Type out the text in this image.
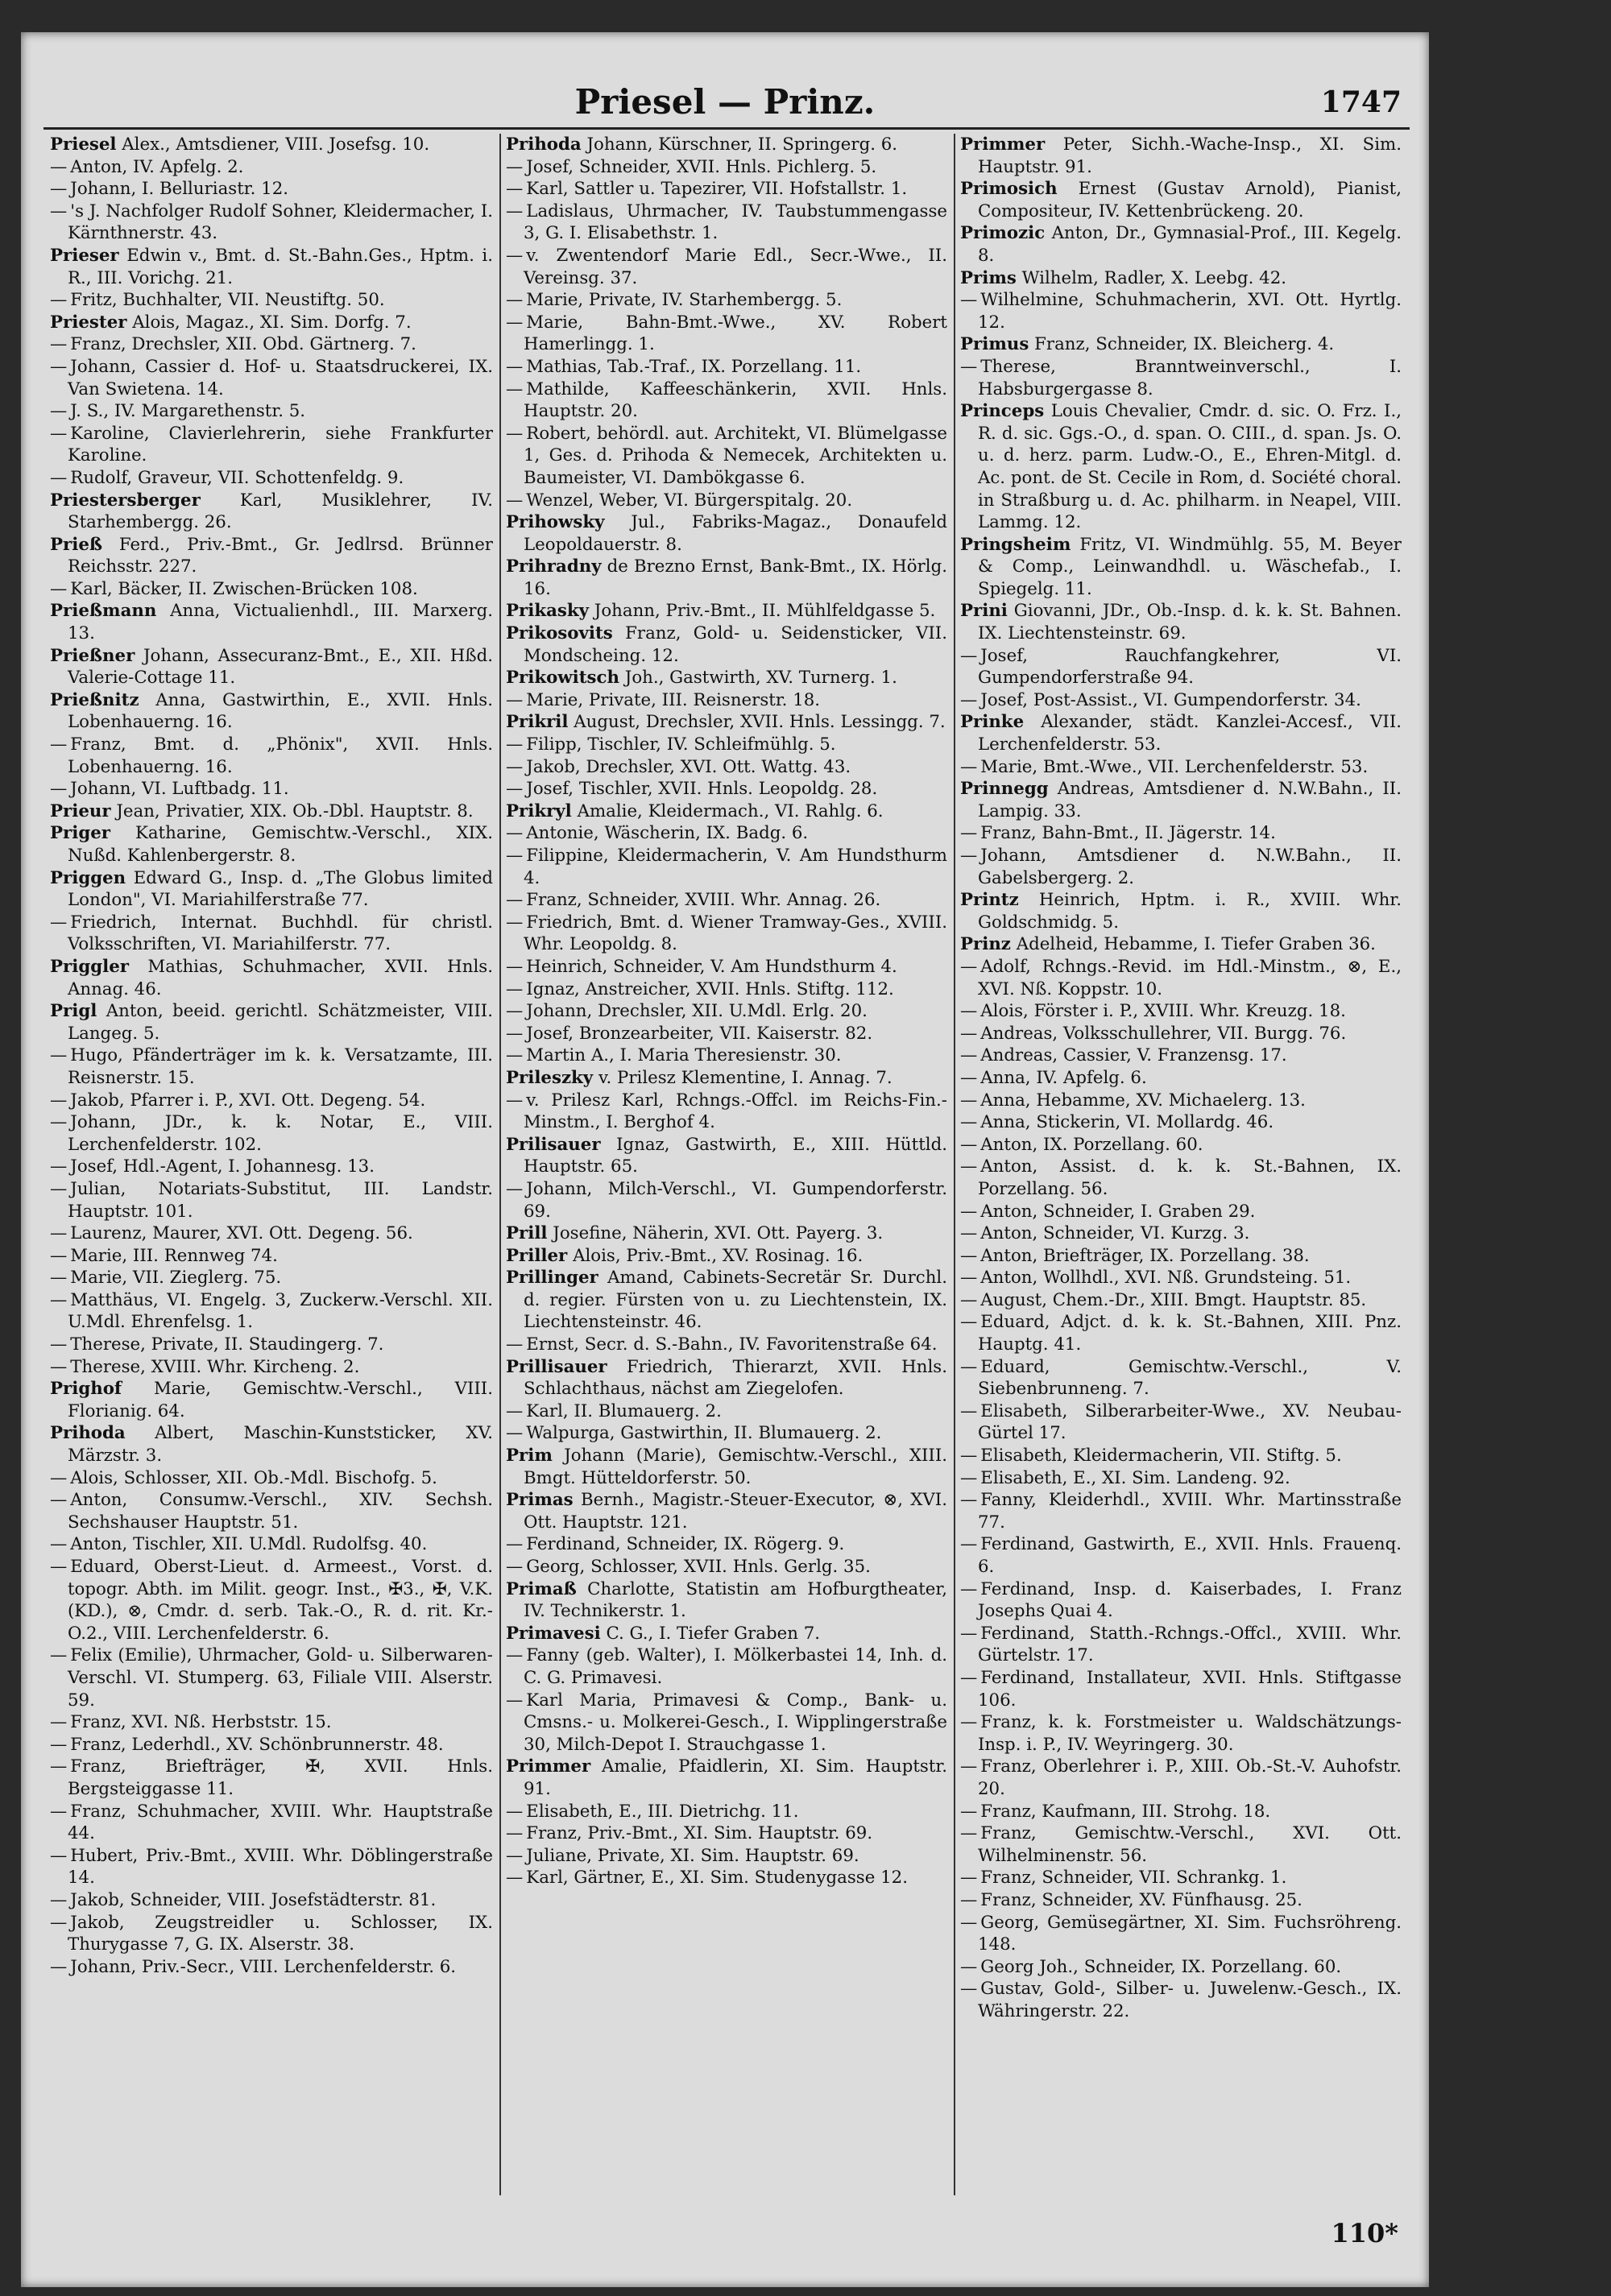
Priesel — Prinz.	1747

Priesel Alex., Amtsdiener, VIII. Josefsg. 10.

— Anton, IV. Apfelg. 2.

— Johann, I. Belluriastr. 12.

— 's J. Nachfolger Rudolf Sohner, Kleidermacher, I. Kärnthnerstr. 43.

Prieser Edwin v., Bmt. d. St.-Bahn.Ges., Hptm. i. R., III. Vorichg. 21.

— Fritz, Buchhalter, VII. Neustiftg. 50.

Priester Alois, Magaz., XI. Sim. Dorfg. 7.

— Franz, Drechsler, XII. Obd. Gärtnerg. 7.

— Johann, Cassier d. Hof- u. Staatsdruckerei, IX. Van Swietena. 14.

— J. S., IV. Margarethenstr. 5.

— Karoline, Clavierlehrerin, siehe Frankfurter Karoline.

— Rudolf, Graveur, VII. Schottenfeldg. 9.

Priestersberger Karl, Musiklehrer, IV. Starhembergg. 26.

Prieß Ferd., Priv.-Bmt., Gr. Jedlrsd. Brünner Reichsstr. 227.

— Karl, Bäcker, II. Zwischen-Brücken 108.

Prießmann Anna, Victualienhdl., III. Marxerg. 13.

Prießner Johann, Assecuranz-Bmt., E., XII. Hßd. Valerie-Cottage 11.

Prießnitz Anna, Gastwirthin, E., XVII. Hnls. Lobenhauerng. 16.

— Franz, Bmt. d. „Phönix", XVII. Hnls. Lobenhauerng. 16.

— Johann, VI. Luftbadg. 11.

Prieur Jean, Privatier, XIX. Ob.-Dbl. Hauptstr. 8.

Priger Katharine, Gemischtw.-Verschl., XIX. Nußd. Kahlenbergerstr. 8.

Priggen Edward G., Insp. d. „The Globus limited London", VI. Mariahilferstraße 77.

— Friedrich, Internat. Buchhdl. für christl. Volksschriften, VI. Mariahilferstr. 77.

Priggler Mathias, Schuhmacher, XVII. Hnls. Annag. 46.

Prigl Anton, beeid. gerichtl. Schätzmeister, VIII. Langeg. 5.

— Hugo, Pfänderträger im k. k. Versatzamte, III. Reisnerstr. 15.

— Jakob, Pfarrer i. P., XVI. Ott. Degeng. 54.

— Johann, JDr., k. k. Notar, E., VIII. Lerchenfelderstr. 102.

— Josef, Hdl.-Agent, I. Johannesg. 13.

— Julian, Notariats-Substitut, III. Landstr. Hauptstr. 101.

— Laurenz, Maurer, XVI. Ott. Degeng. 56.

— Marie, III. Rennweg 74.

— Marie, VII. Zieglerg. 75.

— Matthäus, VI. Engelg. 3, Zuckerw.-Verschl. XII. U.Mdl. Ehrenfelsg. 1.

— Therese, Private, II. Staudingerg. 7.

— Therese, XVIII. Whr. Kircheng. 2.

Prighof Marie, Gemischtw.-Verschl., VIII. Florianig. 64.

Prihoda Albert, Maschin-Kunststicker, XV. Märzstr. 3.

— Alois, Schlosser, XII. Ob.-Mdl. Bischofg. 5.

— Anton, Consumw.-Verschl., XIV. Sechsh. Sechshauser Hauptstr. 51.

— Anton, Tischler, XII. U.Mdl. Rudolfsg. 40.

— Eduard, Oberst-Lieut. d. Armeest., Vorst. d. topogr. Abth. im Milit. geogr. Inst., ✠3., ✠, V.K. (KD.), ⊗, Cmdr. d. serb. Tak.-O., R. d. rit. Kr.-O.2., VIII. Lerchenfelderstr. 6.

— Felix (Emilie), Uhrmacher, Gold- u. Silberwaren-Verschl. VI. Stumperg. 63, Filiale VIII. Alserstr. 59.

— Franz, XVI. Nß. Herbststr. 15.

— Franz, Lederhdl., XV. Schönbrunnerstr. 48.

— Franz, Briefträger, ✠, XVII. Hnls. Bergsteiggasse 11.

— Franz, Schuhmacher, XVIII. Whr. Hauptstraße 44.

— Hubert, Priv.-Bmt., XVIII. Whr. Döblingerstraße 14.

— Jakob, Schneider, VIII. Josefstädterstr. 81.

— Jakob, Zeugstreidler u. Schlosser, IX. Thurygasse 7, G. IX. Alserstr. 38.

— Johann, Priv.-Secr., VIII. Lerchenfelderstr. 6.

Prihoda Johann, Kürschner, II. Springerg. 6.

— Josef, Schneider, XVII. Hnls. Pichlerg. 5.

— Karl, Sattler u. Tapezirer, VII. Hofstallstr. 1.

— Ladislaus, Uhrmacher, IV. Taubstummengasse 3, G. I. Elisabethstr. 1.

— v. Zwentendorf Marie Edl., Secr.-Wwe., II. Vereinsg. 37.

— Marie, Private, IV. Starhembergg. 5.

— Marie, Bahn-Bmt.-Wwe., XV. Robert Hamerlingg. 1.

— Mathias, Tab.-Traf., IX. Porzellang. 11.

— Mathilde, Kaffeeschänkerin, XVII. Hnls. Hauptstr. 20.

— Robert, behördl. aut. Architekt, VI. Blümelgasse 1, Ges. d. Prihoda & Nemecek, Architekten u. Baumeister, VI. Dambökgasse 6.

— Wenzel, Weber, VI. Bürgerspitalg. 20.

Prihowsky Jul., Fabriks-Magaz., Donaufeld Leopoldauerstr. 8.

Prihradny de Brezno Ernst, Bank-Bmt., IX. Hörlg. 16.

Prikasky Johann, Priv.-Bmt., II. Mühlfeldgasse 5.

Prikosovits Franz, Gold- u. Seidensticker, VII. Mondscheing. 12.

Prikowitsch Joh., Gastwirth, XV. Turnerg. 1.

— Marie, Private, III. Reisnerstr. 18.

Prikril August, Drechsler, XVII. Hnls. Lessingg. 7.

— Filipp, Tischler, IV. Schleifmühlg. 5.

— Jakob, Drechsler, XVI. Ott. Wattg. 43.

— Josef, Tischler, XVII. Hnls. Leopoldg. 28.

Prikryl Amalie, Kleidermach., VI. Rahlg. 6.

— Antonie, Wäscherin, IX. Badg. 6.

— Filippine, Kleidermacherin, V. Am Hundsthurm 4.

— Franz, Schneider, XVIII. Whr. Annag. 26.

— Friedrich, Bmt. d. Wiener Tramway-Ges., XVIII. Whr. Leopoldg. 8.

— Heinrich, Schneider, V. Am Hundsthurm 4.

— Ignaz, Anstreicher, XVII. Hnls. Stiftg. 112.

— Johann, Drechsler, XII. U.Mdl. Erlg. 20.

— Josef, Bronzearbeiter, VII. Kaiserstr. 82.

— Martin A., I. Maria Theresienstr. 30.

Prileszky v. Prilesz Klementine, I. Annag. 7.

— v. Prilesz Karl, Rchngs.-Offcl. im Reichs-Fin.-Minstm., I. Berghof 4.

Prilisauer Ignaz, Gastwirth, E., XIII. Hüttld. Hauptstr. 65.

— Johann, Milch-Verschl., VI. Gumpendorferstr. 69.

Prill Josefine, Näherin, XVI. Ott. Payerg. 3.

Priller Alois, Priv.-Bmt., XV. Rosinag. 16.

Prillinger Amand, Cabinets-Secretär Sr. Durchl. d. regier. Fürsten von u. zu Liechtenstein, IX. Liechtensteinstr. 46.

— Ernst, Secr. d. S.-Bahn., IV. Favoritenstraße 64.

Prillisauer Friedrich, Thierarzt, XVII. Hnls. Schlachthaus, nächst am Ziegelofen.

— Karl, II. Blumauerg. 2.

— Walpurga, Gastwirthin, II. Blumauerg. 2.

Prim Johann (Marie), Gemischtw.-Verschl., XIII. Bmgt. Hütteldorferstr. 50.

Primas Bernh., Magistr.-Steuer-Executor, ⊗, XVI. Ott. Hauptstr. 121.

— Ferdinand, Schneider, IX. Rögerg. 9.

— Georg, Schlosser, XVII. Hnls. Gerlg. 35.

Primaß Charlotte, Statistin am Hofburgtheater, IV. Technikerstr. 1.

Primavesi C. G., I. Tiefer Graben 7.

— Fanny (geb. Walter), I. Mölkerbastei 14, Inh. d. C. G. Primavesi.

— Karl Maria, Primavesi & Comp., Bank- u. Cmsns.- u. Molkerei-Gesch., I. Wipplingerstraße 30, Milch-Depot I. Strauchgasse 1.

Primmer Amalie, Pfaidlerin, XI. Sim. Hauptstr. 91.

— Elisabeth, E., III. Dietrichg. 11.

— Franz, Priv.-Bmt., XI. Sim. Hauptstr. 69.

— Juliane, Private, XI. Sim. Hauptstr. 69.

— Karl, Gärtner, E., XI. Sim. Studenygasse 12.

Primmer Peter, Sichh.-Wache-Insp., XI. Sim. Hauptstr. 91.

Primosich Ernest (Gustav Arnold), Pianist, Compositeur, IV. Kettenbrückeng. 20.

Primozic Anton, Dr., Gymnasial-Prof., III. Kegelg. 8.

Prims Wilhelm, Radler, X. Leebg. 42.

— Wilhelmine, Schuhmacherin, XVI. Ott. Hyrtlg. 12.

Primus Franz, Schneider, IX. Bleicherg. 4.

— Therese, Branntweinverschl., I. Habsburgergasse 8.

Princeps Louis Chevalier, Cmdr. d. sic. O. Frz. I., R. d. sic. Ggs.-O., d. span. O. CIII., d. span. Js. O. u. d. herz. parm. Ludw.-O., E., Ehren-Mitgl. d. Ac. pont. de St. Cecile in Rom, d. Société choral. in Straßburg u. d. Ac. philharm. in Neapel, VIII. Lammg. 12.

Pringsheim Fritz, VI. Windmühlg. 55, M. Beyer & Comp., Leinwandhdl. u. Wäschefab., I. Spiegelg. 11.

Prini Giovanni, JDr., Ob.-Insp. d. k. k. St. Bahnen. IX. Liechtensteinstr. 69.

— Josef, Rauchfangkehrer, VI. Gumpendorferstraße 94.

— Josef, Post-Assist., VI. Gumpendorferstr. 34.

Prinke Alexander, städt. Kanzlei-Accesf., VII. Lerchenfelderstr. 53.

— Marie, Bmt.-Wwe., VII. Lerchenfelderstr. 53.

Prinnegg Andreas, Amtsdiener d. N.W.Bahn., II. Lampig. 33.

— Franz, Bahn-Bmt., II. Jägerstr. 14.

— Johann, Amtsdiener d. N.W.Bahn., II. Gabelsbergerg. 2.

Printz Heinrich, Hptm. i. R., XVIII. Whr. Goldschmidg. 5.

Prinz Adelheid, Hebamme, I. Tiefer Graben 36.

— Adolf, Rchngs.-Revid. im Hdl.-Minstm., ⊗, E., XVI. Nß. Koppstr. 10.

— Alois, Förster i. P., XVIII. Whr. Kreuzg. 18.

— Andreas, Volksschullehrer, VII. Burgg. 76.

— Andreas, Cassier, V. Franzensg. 17.

— Anna, IV. Apfelg. 6.

— Anna, Hebamme, XV. Michaelerg. 13.

— Anna, Stickerin, VI. Mollardg. 46.

— Anton, IX. Porzellang. 60.

— Anton, Assist. d. k. k. St.-Bahnen, IX. Porzellang. 56.

— Anton, Schneider, I. Graben 29.

— Anton, Schneider, VI. Kurzg. 3.

— Anton, Briefträger, IX. Porzellang. 38.

— Anton, Wollhdl., XVI. Nß. Grundsteing. 51.

— August, Chem.-Dr., XIII. Bmgt. Hauptstr. 85.

— Eduard, Adjct. d. k. k. St.-Bahnen, XIII. Pnz. Hauptg. 41.

— Eduard, Gemischtw.-Verschl., V. Siebenbrunneng. 7.

— Elisabeth, Silberarbeiter-Wwe., XV. Neubau-Gürtel 17.

— Elisabeth, Kleidermacherin, VII. Stiftg. 5.

— Elisabeth, E., XI. Sim. Landeng. 92.

— Fanny, Kleiderhdl., XVIII. Whr. Martinsstraße 77.

— Ferdinand, Gastwirth, E., XVII. Hnls. Frauenq. 6.

— Ferdinand, Insp. d. Kaiserbades, I. Franz Josephs Quai 4.

— Ferdinand, Statth.-Rchngs.-Offcl., XVIII. Whr. Gürtelstr. 17.

— Ferdinand, Installateur, XVII. Hnls. Stiftgasse 106.

— Franz, k. k. Forstmeister u. Waldschätzungs-Insp. i. P., IV. Weyringerg. 30.

— Franz, Oberlehrer i. P., XIII. Ob.-St.-V. Auhofstr. 20.

— Franz, Kaufmann, III. Strohg. 18.

— Franz, Gemischtw.-Verschl., XVI. Ott. Wilhelminenstr. 56.

— Franz, Schneider, VII. Schrankg. 1.

— Franz, Schneider, XV. Fünfhausg. 25.

— Georg, Gemüsegärtner, XI. Sim. Fuchsröhreng. 148.

— Georg Joh., Schneider, IX. Porzellang. 60.

— Gustav, Gold-, Silber- u. Juwelenw.-Gesch., IX. Währingerstr. 22.

110*
